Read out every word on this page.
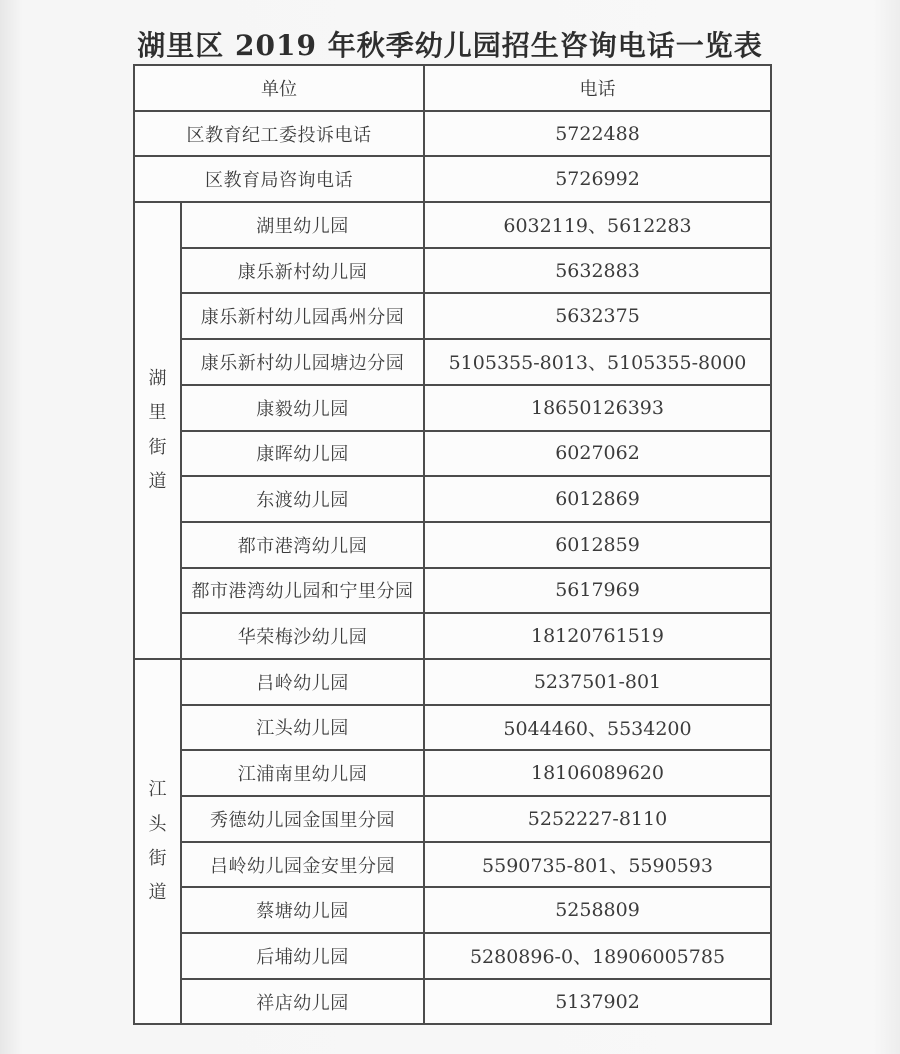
湖里区 2019 年秋季幼儿园招生咨询电话一览表
单位		电话
区教育纪工委投诉电话		5722488
区教育局咨询电话		5726992
湖里街道	湖里幼儿园	6032119、5612283
	康乐新村幼儿园	5632883
	康乐新村幼儿园禹州分园	5632375
	康乐新村幼儿园塘边分园	5105355-8013、5105355-8000
	康毅幼儿园	18650126393
	康晖幼儿园	6027062
	东渡幼儿园	6012869
	都市港湾幼儿园	6012859
	都市港湾幼儿园和宁里分园	5617969
	华荣梅沙幼儿园	18120761519
江头街道	吕岭幼儿园	5237501-801
	江头幼儿园	5044460、5534200
	江浦南里幼儿园	18106089620
	秀德幼儿园金国里分园	5252227-8110
	吕岭幼儿园金安里分园	5590735-801、5590593
	蔡塘幼儿园	5258809
	后埔幼儿园	5280896-0、18906005785
	祥店幼儿园	5137902
